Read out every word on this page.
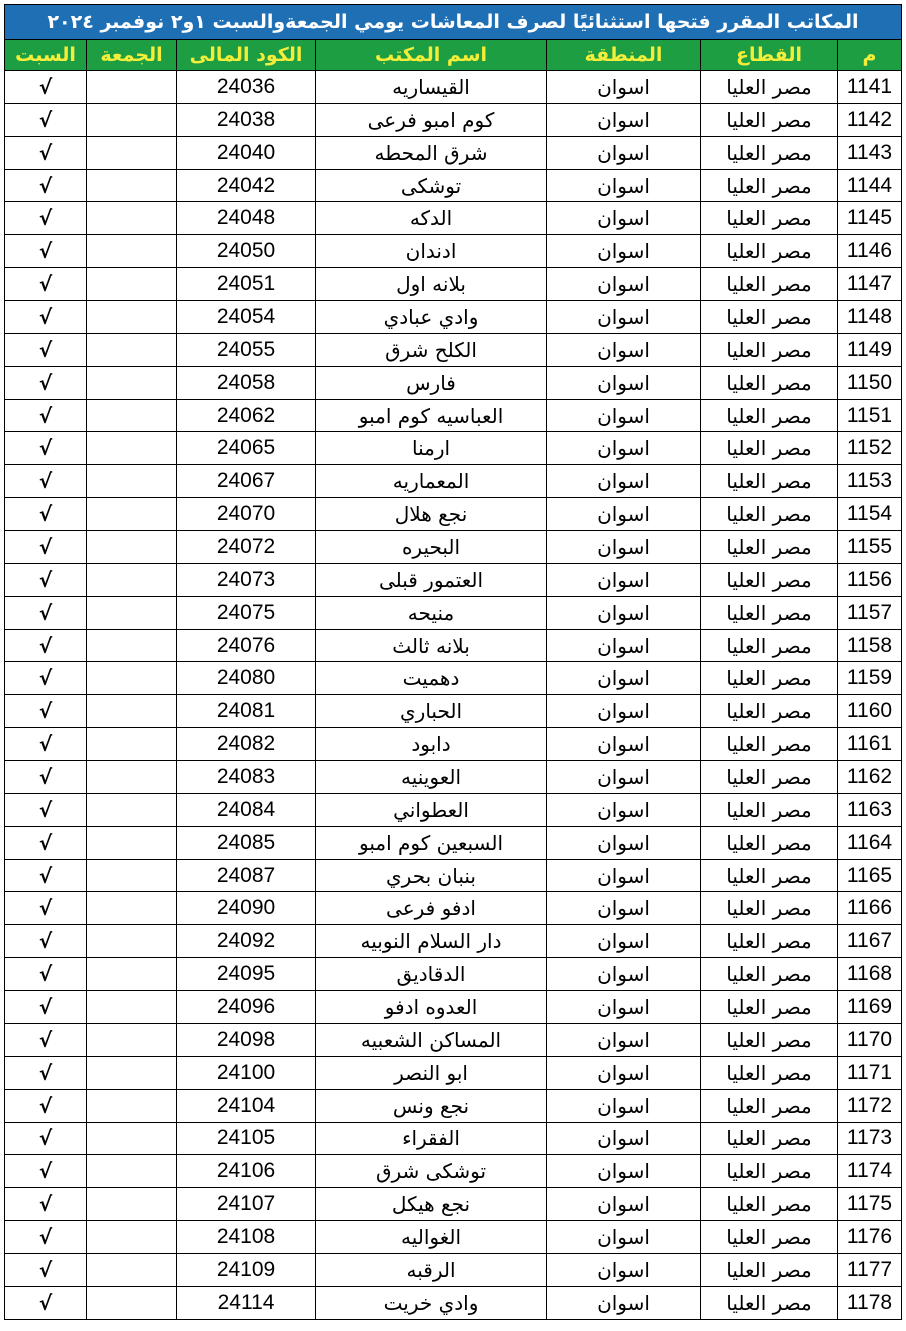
المكاتب المقرر فتحها استثنائيًا لصرف المعاشات يومي الجمعةوالسبت ١و٢ نوفمبر ٢٠٢٤						
م	القطاع	المنطقة	اسم المكتب	الكود المالى	الجمعة	السبت
1141	مصر العليا	اسوان	القيساريه	24036		√
1142	مصر العليا	اسوان	كوم امبو فرعى	24038		√
1143	مصر العليا	اسوان	شرق المحطه	24040		√
1144	مصر العليا	اسوان	توشكى	24042		√
1145	مصر العليا	اسوان	الدكه	24048		√
1146	مصر العليا	اسوان	ادندان	24050		√
1147	مصر العليا	اسوان	بلانه اول	24051		√
1148	مصر العليا	اسوان	وادي عبادي	24054		√
1149	مصر العليا	اسوان	الكلح شرق	24055		√
1150	مصر العليا	اسوان	فارس	24058		√
1151	مصر العليا	اسوان	العباسيه كوم امبو	24062		√
1152	مصر العليا	اسوان	ارمنا	24065		√
1153	مصر العليا	اسوان	المعماريه	24067		√
1154	مصر العليا	اسوان	نجع هلال	24070		√
1155	مصر العليا	اسوان	البحيره	24072		√
1156	مصر العليا	اسوان	العتمور قبلى	24073		√
1157	مصر العليا	اسوان	منيحه	24075		√
1158	مصر العليا	اسوان	بلانه ثالث	24076		√
1159	مصر العليا	اسوان	دهميت	24080		√
1160	مصر العليا	اسوان	الحباري	24081		√
1161	مصر العليا	اسوان	دابود	24082		√
1162	مصر العليا	اسوان	العوينيه	24083		√
1163	مصر العليا	اسوان	العطواني	24084		√
1164	مصر العليا	اسوان	السبعين كوم امبو	24085		√
1165	مصر العليا	اسوان	بنبان بحري	24087		√
1166	مصر العليا	اسوان	ادفو فرعى	24090		√
1167	مصر العليا	اسوان	دار السلام النوبيه	24092		√
1168	مصر العليا	اسوان	الدقاديق	24095		√
1169	مصر العليا	اسوان	العدوه ادفو	24096		√
1170	مصر العليا	اسوان	المساكن الشعبيه	24098		√
1171	مصر العليا	اسوان	ابو النصر	24100		√
1172	مصر العليا	اسوان	نجع ونس	24104		√
1173	مصر العليا	اسوان	الفقراء	24105		√
1174	مصر العليا	اسوان	توشكى شرق	24106		√
1175	مصر العليا	اسوان	نجع هيكل	24107		√
1176	مصر العليا	اسوان	الغواليه	24108		√
1177	مصر العليا	اسوان	الرقبه	24109		√
1178	مصر العليا	اسوان	وادي خريت	24114		√
